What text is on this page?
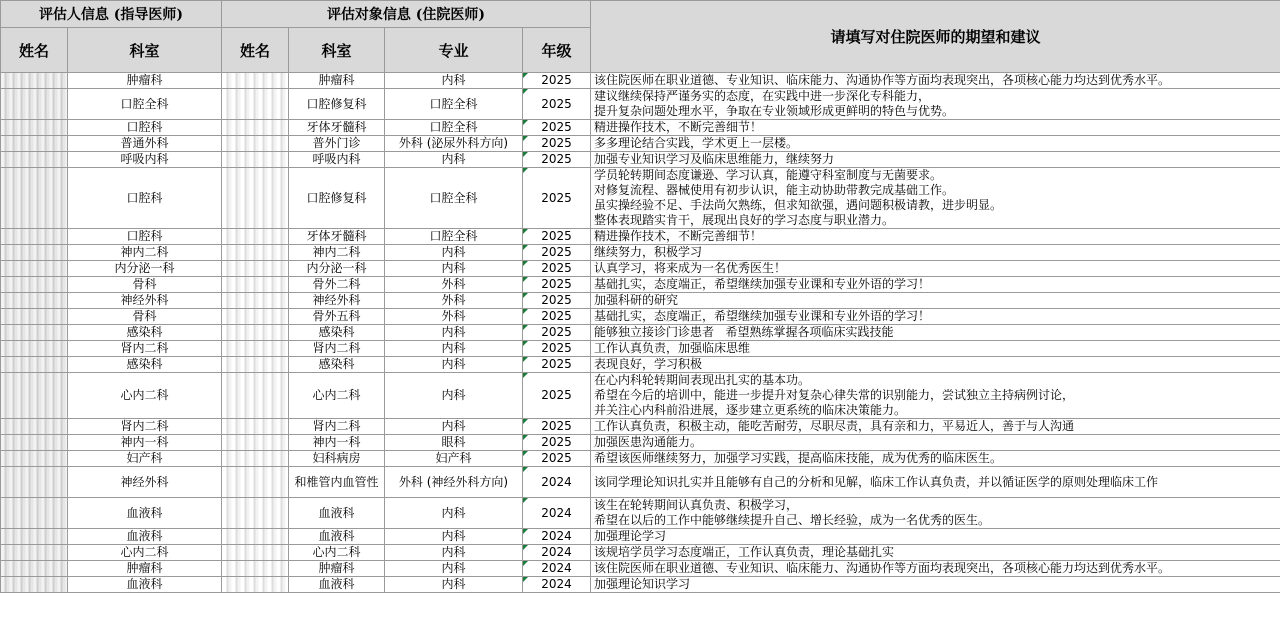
评估人信息 (指导医师)		评估对象信息 (住院医师)				请填写对住院医师的期望和建议
姓名	科室	姓名	科室	专业	年级	
	肿瘤科		肿瘤科	内科	2025	该住院医师在职业道德、专业知识、临床能力、沟通协作等方面均表现突出，各项核心能力均达到优秀水平。
	口腔全科		口腔修复科	口腔全科	2025	建议继续保持严谨务实的态度，在实践中进一步深化专科能力，
提升复杂问题处理水平，争取在专业领域形成更鲜明的特色与优势。
	口腔科		牙体牙髓科	口腔全科	2025	精进操作技术，不断完善细节！
	普通外科		普外门诊	外科 (泌尿外科方向)	2025	多多理论结合实践，学术更上一层楼。
	呼吸内科		呼吸内科	内科	2025	加强专业知识学习及临床思维能力，继续努力
	口腔科		口腔修复科	口腔全科	2025	学员轮转期间态度谦逊、学习认真，能遵守科室制度与无菌要求。
对修复流程、器械使用有初步认识，能主动协助带教完成基础工作。
虽实操经验不足、手法尚欠熟练，但求知欲强，遇问题积极请教，进步明显。
整体表现踏实肯干，展现出良好的学习态度与职业潜力。
	口腔科		牙体牙髓科	口腔全科	2025	精进操作技术，不断完善细节！
	神内二科		神内二科	内科	2025	继续努力，积极学习
	内分泌一科		内分泌一科	内科	2025	认真学习，将来成为一名优秀医生！
	骨科		骨外二科	外科	2025	基础扎实，态度端正，希望继续加强专业课和专业外语的学习！
	神经外科		神经外科	外科	2025	加强科研的研究
	骨科		骨外五科	外科	2025	基础扎实，态度端正，希望继续加强专业课和专业外语的学习！
	感染科		感染科	内科	2025	能够独立接诊门诊患者   希望熟练掌握各项临床实践技能
	肾内二科		肾内二科	内科	2025	工作认真负责，加强临床思维
	感染科		感染科	内科	2025	表现良好，学习积极
	心内二科		心内二科	内科	2025	在心内科轮转期间表现出扎实的基本功。
希望在今后的培训中，能进一步提升对复杂心律失常的识别能力，尝试独立主持病例讨论，
并关注心内科前沿进展，逐步建立更系统的临床决策能力。
	肾内二科		肾内二科	内科	2025	工作认真负责，积极主动，能吃苦耐劳，尽职尽责，具有亲和力，平易近人，善于与人沟通
	神内一科		神内一科	眼科	2025	加强医患沟通能力。
	妇产科		妇科病房	妇产科	2025	希望该医师继续努力，加强学习实践，提高临床技能，成为优秀的临床医生。
	神经外科		和椎管内血管性	外科 (神经外科方向)	2024	该同学理论知识扎实并且能够有自己的分析和见解，临床工作认真负责，并以循证医学的原则处理临床工作
	血液科		血液科	内科	2024	该生在轮转期间认真负责、积极学习，
希望在以后的工作中能够继续提升自己、增长经验，成为一名优秀的医生。
	血液科		血液科	内科	2024	加强理论学习
	心内二科		心内二科	内科	2024	该规培学员学习态度端正，工作认真负责，理论基础扎实
	肿瘤科		肿瘤科	内科	2024	该住院医师在职业道德、专业知识、临床能力、沟通协作等方面均表现突出，各项核心能力均达到优秀水平。
	血液科		血液科	内科	2024	加强理论知识学习
